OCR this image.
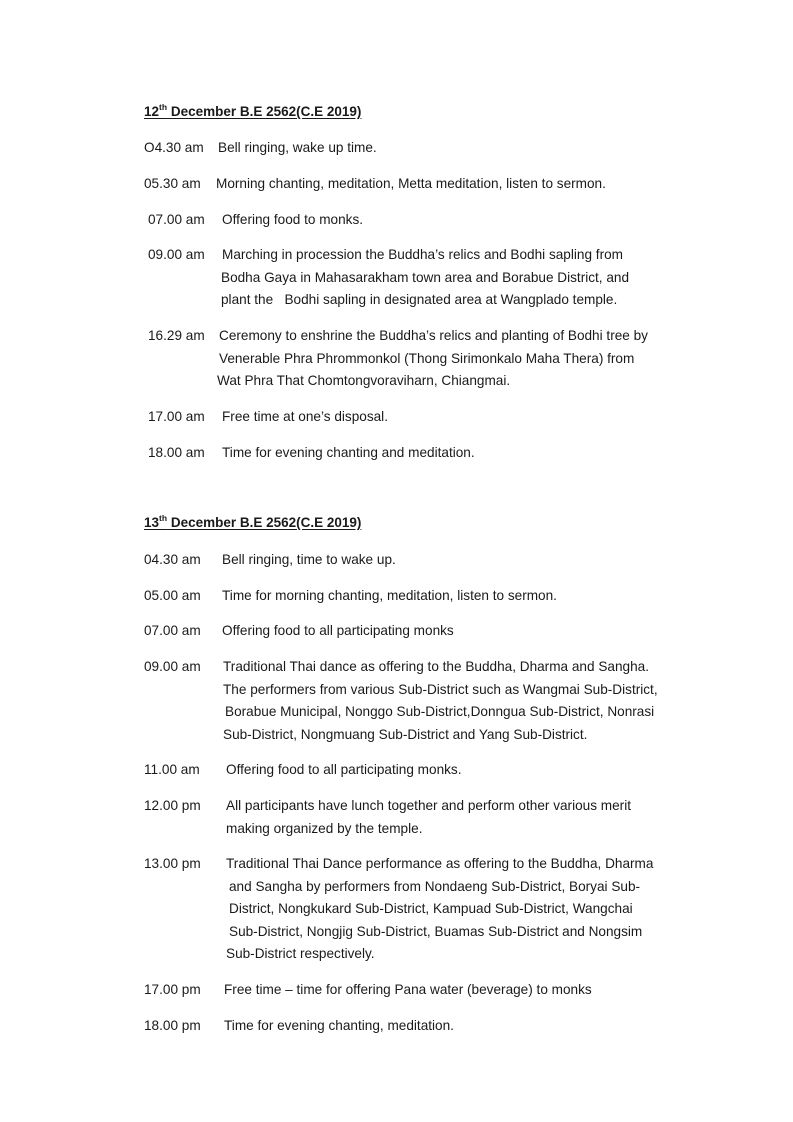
12th December B.E 2562(C.E 2019)
O4.30 am Bell ringing, wake up time.
05.30 am Morning chanting, meditation, Metta meditation, listen to sermon.
07.00 am Offering food to monks.
09.00 am Marching in procession the Buddha’s relics and Bodhi sapling from
Bodha Gaya in Mahasarakham town area and Borabue District, and
plant the   Bodhi sapling in designated area at Wangplado temple.
16.29 am Ceremony to enshrine the Buddha’s relics and planting of Bodhi tree by
Venerable Phra Phrommonkol (Thong Sirimonkalo Maha Thera) from
Wat Phra That Chomtongvoraviharn, Chiangmai.
17.00 am Free time at one’s disposal.
18.00 am Time for evening chanting and meditation.
13th December B.E 2562(C.E 2019)
04.30 am Bell ringing, time to wake up.
05.00 am Time for morning chanting, meditation, listen to sermon.
07.00 am Offering food to all participating monks
09.00 am Traditional Thai dance as offering to the Buddha, Dharma and Sangha.
The performers from various Sub-District such as Wangmai Sub-District,
Borabue Municipal, Nonggo Sub-District,Donngua Sub-District, Nonrasi
Sub-District, Nongmuang Sub-District and Yang Sub-District.
11.00 am Offering food to all participating monks.
12.00 pm All participants have lunch together and perform other various merit
making organized by the temple.
13.00 pm Traditional Thai Dance performance as offering to the Buddha, Dharma
and Sangha by performers from Nondaeng Sub-District, Boryai Sub-
District, Nongkukard Sub-District, Kampuad Sub-District, Wangchai
Sub-District, Nongjig Sub-District, Buamas Sub-District and Nongsim
Sub-District respectively.
17.00 pm Free time – time for offering Pana water (beverage) to monks
18.00 pm Time for evening chanting, meditation.
